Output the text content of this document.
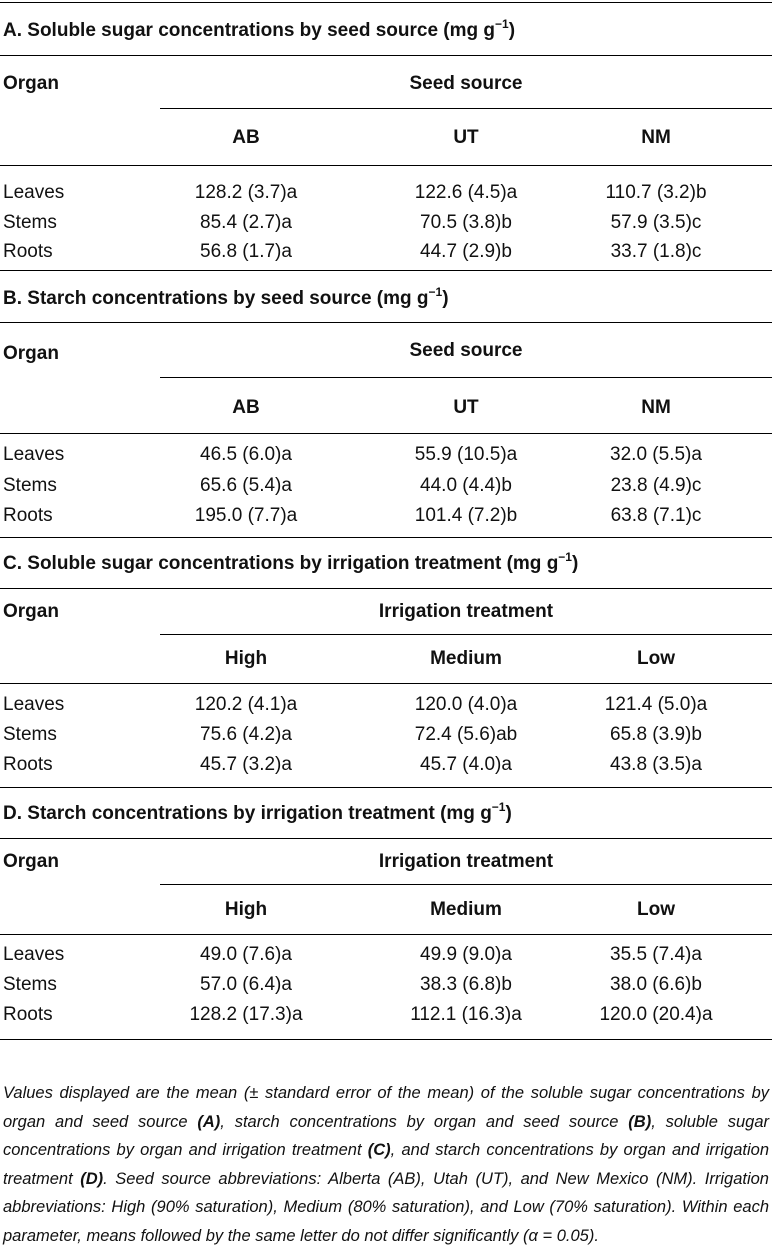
A. Soluble sugar concentrations by seed source (mg $g^{-1}$)
Organ	Seed source
AB	UT	NM
Leaves	128.2 (3.7)a	122.6 (4.5)a	110.7 (3.2)b
Stems	85.4 (2.7)a	70.5 (3.8)b	57.9 (3.5)c
Roots	56.8 (1.7)a	44.7 (2.9)b	33.7 (1.8)c
B. Starch concentrations by seed source (mg $g^{-1}$)
Organ	Seed source
AB	UT	NM
Leaves	46.5 (6.0)a	55.9 (10.5)a	32.0 (5.5)a
Stems	65.6 (5.4)a	44.0 (4.4)b	23.8 (4.9)c
Roots	195.0 (7.7)a	101.4 (7.2)b	63.8 (7.1)c
C. Soluble sugar concentrations by irrigation treatment (mg $g^{-1}$)
Organ	Irrigation treatment
High	Medium	Low
Leaves	120.2 (4.1)a	120.0 (4.0)a	121.4 (5.0)a
Stems	75.6 (4.2)a	72.4 (5.6)ab	65.8 (3.9)b
Roots	45.7 (3.2)a	45.7 (4.0)a	43.8 (3.5)a
D. Starch concentrations by irrigation treatment (mg $g^{-1}$)
Organ	Irrigation treatment
High	Medium	Low
Leaves	49.0 (7.6)a	49.9 (9.0)a	35.5 (7.4)a
Stems	57.0 (6.4)a	38.3 (6.8)b	38.0 (6.6)b
Roots	128.2 (17.3)a	112.1 (16.3)a	120.0 (20.4)a
Values displayed are the mean (± standard error of the mean) of the soluble sugar concentrations by organ and seed source (A), starch concentrations by organ and seed source (B), soluble sugar concentrations by organ and irrigation treatment (C), and starch concentrations by organ and irrigation treatment (D). Seed source abbreviations: Alberta (AB), Utah (UT), and New Mexico (NM). Irrigation abbreviations: High (90% saturation), Medium (80% saturation), and Low (70% saturation). Within each parameter, means followed by the same letter do not differ significantly (α = 0.05).
